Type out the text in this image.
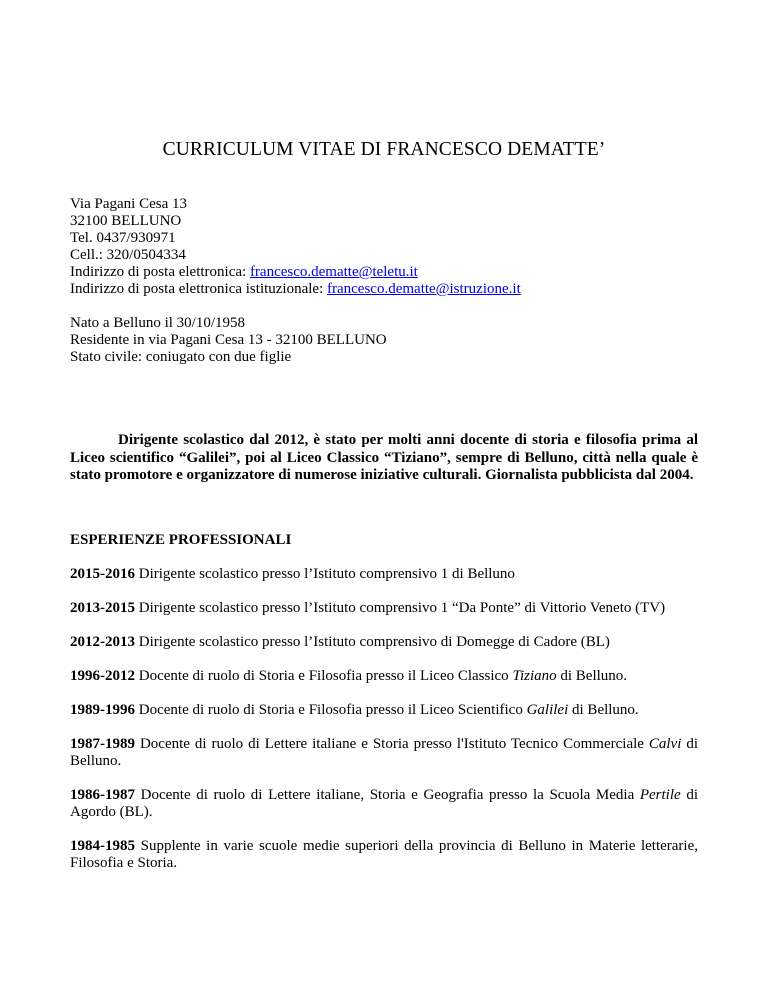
CURRICULUM VITAE DI FRANCESCO DEMATTE’
Via Pagani Cesa 13
32100 BELLUNO
Tel. 0437/930971
Cell.: 320/0504334
Indirizzo di posta elettronica: francesco.dematte@teletu.it
Indirizzo di posta elettronica istituzionale: francesco.dematte@istruzione.it
Nato a Belluno il 30/10/1958
Residente in via Pagani Cesa 13 - 32100 BELLUNO
Stato civile: coniugato con due figlie
Dirigente scolastico dal 2012, è stato per molti anni docente di storia e filosofia prima al Liceo scientifico “Galilei”, poi al Liceo Classico “Tiziano”, sempre di Belluno, città nella quale è stato promotore e organizzatore di numerose iniziative culturali. Giornalista pubblicista dal 2004.
ESPERIENZE PROFESSIONALI
2015-2016 Dirigente scolastico presso l’Istituto comprensivo 1 di Belluno
2013-2015 Dirigente scolastico presso l’Istituto comprensivo 1 “Da Ponte” di Vittorio Veneto (TV)
2012-2013 Dirigente scolastico presso l’Istituto comprensivo di Domegge di Cadore (BL)
1996-2012 Docente di ruolo di Storia e Filosofia presso il Liceo Classico Tiziano di Belluno.
1989-1996 Docente di ruolo di Storia e Filosofia presso il Liceo Scientifico Galilei di Belluno.
1987-1989 Docente di ruolo di Lettere italiane e Storia presso l'Istituto Tecnico Commerciale Calvi di Belluno.
1986-1987 Docente di ruolo di Lettere italiane, Storia e Geografia presso la Scuola Media Pertile di Agordo (BL).
1984-1985 Supplente in varie scuole medie superiori della provincia di Belluno in Materie letterarie, Filosofia e Storia.
